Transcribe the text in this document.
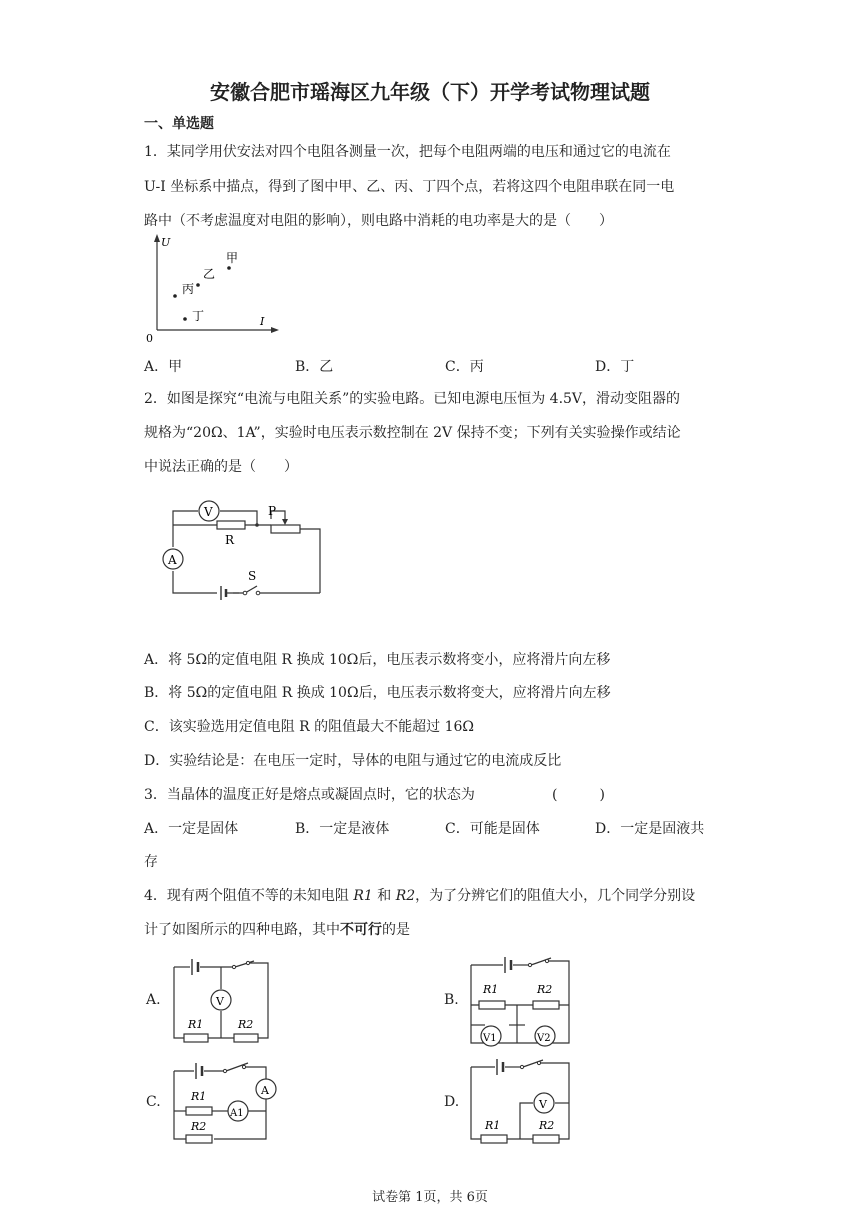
安徽合肥市瑶海区九年级（下）开学考试物理试题
一、单选题
1．某同学用伏安法对四个电阻各测量一次，把每个电阻两端的电压和通过它的电流在
U-I 坐标系中描点，得到了图中甲、乙、丙、丁四个点，若将这四个电阻串联在同一电
路中（不考虑温度对电阻的影响），则电路中消耗的电功率是大的是（　　）
U
I
0
甲
乙
丙
丁
A．甲	B．乙	C．丙	D．丁
2．如图是探究“电流与电阻关系”的实验电路。已知电源电压恒为 4.5V，滑动变阻器的
规格为“20Ω、1A”，实验时电压表示数控制在 2V 保持不变；下列有关实验操作或结论
中说法正确的是（　　）
A
V
R
P
S
A．将 5Ω的定值电阻 R 换成 10Ω后，电压表示数将变小，应将滑片向左移
B．将 5Ω的定值电阻 R 换成 10Ω后，电压表示数将变大，应将滑片向左移
C．该实验选用定值电阻 R 的阻值最大不能超过 16Ω
D．实验结论是：在电压一定时，导体的电阻与通过它的电流成反比
3．当晶体的温度正好是熔点或凝固点时，它的状态为	(　　　)
A．一定是固体	B．一定是液体	C．可能是固体	D．一定是固液共
存
4．现有两个阻值不等的未知电阻 R1 和 R2，为了分辨它们的阻值大小，几个同学分别设
计了如图所示的四种电路，其中不可行的是
A.	V
R1	R2
B.
R1	R2
V1	V2
C.
A
R1
A1
R2
D.	V
R1	R2
试卷第 1页，共 6页
